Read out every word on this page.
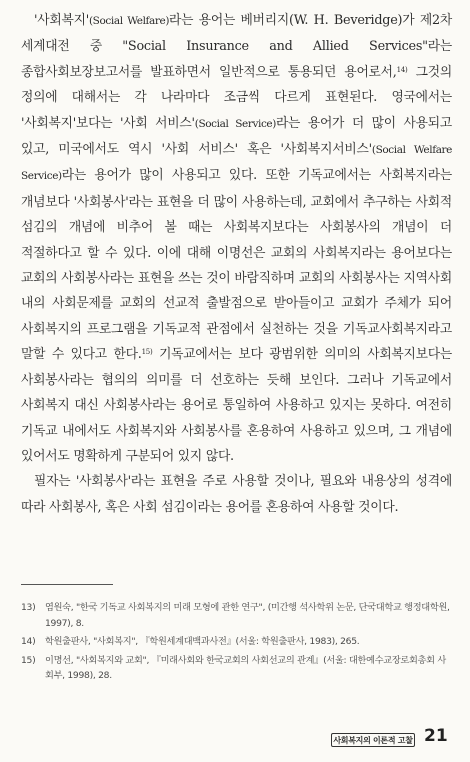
'사회복지'(Social Welfare)라는 용어는 베버리지(W. H. Beveridge)가 제2차 세계대전 중 "Social Insurance and Allied Services"라는 종합사회보장보고서를 발표하면서 일반적으로 통용되던 용어로서,$^{14)}$ 그것의 정의에 대해서는 각 나라마다 조금씩 다르게 표현된다. 영국에서는 '사회복지'보다는 '사회 서비스'(Social Service)라는 용어가 더 많이 사용되고 있고, 미국에서도 역시 '사회 서비스' 혹은 '사회복지서비스'(Social Welfare Service)라는 용어가 많이 사용되고 있다. 또한 기독교에서는 사회복지라는 개념보다 '사회봉사'라는 표현을 더 많이 사용하는데, 교회에서 추구하는 사회적 섬김의 개념에 비추어 볼 때는 사회복지보다는 사회봉사의 개념이 더 적절하다고 할 수 있다. 이에 대해 이명선은 교회의 사회복지라는 용어보다는 교회의 사회봉사라는 표현을 쓰는 것이 바람직하며 교회의 사회봉사는 지역사회 내의 사회문제를 교회의 선교적 출발점으로 받아들이고 교회가 주체가 되어 사회복지의 프로그램을 기독교적 관점에서 실천하는 것을 기독교사회복지라고 말할 수 있다고 한다.$^{15)}$ 기독교에서는 보다 광범위한 의미의 사회복지보다는 사회봉사라는 협의의 의미를 더 선호하는 듯해 보인다. 그러나 기독교에서 사회복지 대신 사회봉사라는 용어로 통일하여 사용하고 있지는 못하다. 여전히 기독교 내에서도 사회복지와 사회봉사를 혼용하여 사용하고 있으며, 그 개념에 있어서도 명확하게 구분되어 있지 않다.

필자는 '사회봉사'라는 표현을 주로 사용할 것이나, 필요와 내용상의 성격에 따라 사회봉사, 혹은 사회 섬김이라는 용어를 혼용하여 사용할 것이다.

13)	염원숙, "한국 기독교 사회복지의 미래 모형에 관한 연구", (미간행 석사학위 논문, 단국대학교 행정대학원, 1997), 8.
14)	학원출판사, "사회복지", 『학원세계대백과사전』(서울: 학원출판사, 1983), 265.
15)	이명선, "사회복지와 교회", 『미래사회와 한국교회의 사회선교의 관계』(서울: 대한예수교장로회총회 사회부, 1998), 28.
사회복지의 이론적 고찰 21
